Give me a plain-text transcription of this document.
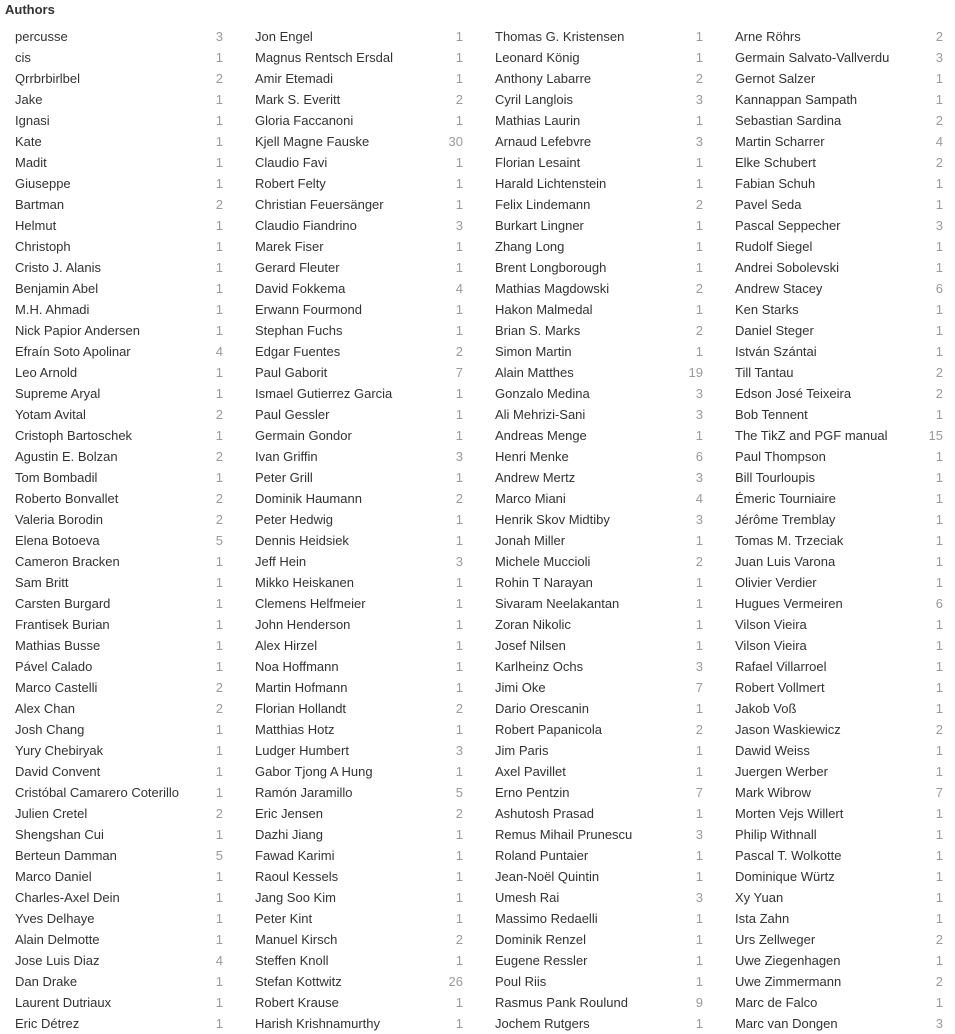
Authors
percusse	3
cis	1
Qrrbrbirlbel	2
Jake	1
Ignasi	1
Kate	1
Madit	1
Giuseppe	1
Bartman	2
Helmut	1
Christoph	1
Cristo J. Alanis	1
Benjamin Abel	1
M.H. Ahmadi	1
Nick Papior Andersen	1
Efraín Soto Apolinar	4
Leo Arnold	1
Supreme Aryal	1
Yotam Avital	2
Cristoph Bartoschek	1
Agustin E. Bolzan	2
Tom Bombadil	1
Roberto Bonvallet	2
Valeria Borodin	2
Elena Botoeva	5
Cameron Bracken	1
Sam Britt	1
Carsten Burgard	1
Frantisek Burian	1
Mathias Busse	1
Pável Calado	1
Marco Castelli	2
Alex Chan	2
Josh Chang	1
Yury Chebiryak	1
David Convent	1
Cristóbal Camarero Coterillo	1
Julien Cretel	2
Shengshan Cui	1
Berteun Damman	5
Marco Daniel	1
Charles-Axel Dein	1
Yves Delhaye	1
Alain Delmotte	1
Jose Luis Diaz	4
Dan Drake	1
Laurent Dutriaux	1
Eric Détrez	1
Jon Engel	1
Magnus Rentsch Ersdal	1
Amir Etemadi	1
Mark S. Everitt	2
Gloria Faccanoni	1
Kjell Magne Fauske	30
Claudio Favi	1
Robert Felty	1
Christian Feuersänger	1
Claudio Fiandrino	3
Marek Fiser	1
Gerard Fleuter	1
David Fokkema	4
Erwann Fourmond	1
Stephan Fuchs	1
Edgar Fuentes	2
Paul Gaborit	7
Ismael Gutierrez Garcia	1
Paul Gessler	1
Germain Gondor	1
Ivan Griffin	3
Peter Grill	1
Dominik Haumann	2
Peter Hedwig	1
Dennis Heidsiek	1
Jeff Hein	3
Mikko Heiskanen	1
Clemens Helfmeier	1
John Henderson	1
Alex Hirzel	1
Noa Hoffmann	1
Martin Hofmann	1
Florian Hollandt	2
Matthias Hotz	1
Ludger Humbert	3
Gabor Tjong A Hung	1
Ramón Jaramillo	5
Eric Jensen	2
Dazhi Jiang	1
Fawad Karimi	1
Raoul Kessels	1
Jang Soo Kim	1
Peter Kint	1
Manuel Kirsch	2
Steffen Knoll	1
Stefan Kottwitz	26
Robert Krause	1
Harish Krishnamurthy	1
Thomas G. Kristensen	1
Leonard König	1
Anthony Labarre	2
Cyril Langlois	3
Mathias Laurin	1
Arnaud Lefebvre	3
Florian Lesaint	1
Harald Lichtenstein	1
Felix Lindemann	2
Burkart Lingner	1
Zhang Long	1
Brent Longborough	1
Mathias Magdowski	2
Hakon Malmedal	1
Brian S. Marks	2
Simon Martin	1
Alain Matthes	19
Gonzalo Medina	3
Ali Mehrizi-Sani	3
Andreas Menge	1
Henri Menke	6
Andrew Mertz	3
Marco Miani	4
Henrik Skov Midtiby	3
Jonah Miller	1
Michele Muccioli	2
Rohin T Narayan	1
Sivaram Neelakantan	1
Zoran Nikolic	1
Josef Nilsen	1
Karlheinz Ochs	3
Jimi Oke	7
Dario Orescanin	1
Robert Papanicola	2
Jim Paris	1
Axel Pavillet	1
Erno Pentzin	7
Ashutosh Prasad	1
Remus Mihail Prunescu	3
Roland Puntaier	1
Jean-Noël Quintin	1
Umesh Rai	3
Massimo Redaelli	1
Dominik Renzel	1
Eugene Ressler	1
Poul Riis	1
Rasmus Pank Roulund	9
Jochem Rutgers	1
Arne Röhrs	2
Germain Salvato-Vallverdu	3
Gernot Salzer	1
Kannappan Sampath	1
Sebastian Sardina	2
Martin Scharrer	4
Elke Schubert	2
Fabian Schuh	1
Pavel Seda	1
Pascal Seppecher	3
Rudolf Siegel	1
Andrei Sobolevski	1
Andrew Stacey	6
Ken Starks	1
Daniel Steger	1
István Szántai	1
Till Tantau	2
Edson José Teixeira	2
Bob Tennent	1
The TikZ and PGF manual	15
Paul Thompson	1
Bill Tourloupis	1
Émeric Tourniaire	1
Jérôme Tremblay	1
Tomas M. Trzeciak	1
Juan Luis Varona	1
Olivier Verdier	1
Hugues Vermeiren	6
Vilson Vieira	1
Vilson Vieira	1
Rafael Villarroel	1
Robert Vollmert	1
Jakob Voß	1
Jason Waskiewicz	2
Dawid Weiss	1
Juergen Werber	1
Mark Wibrow	7
Morten Vejs Willert	1
Philip Withnall	1
Pascal T. Wolkotte	1
Dominique Würtz	1
Xy Yuan	1
Ista Zahn	1
Urs Zellweger	2
Uwe Ziegenhagen	1
Uwe Zimmermann	2
Marc de Falco	1
Marc van Dongen	3
